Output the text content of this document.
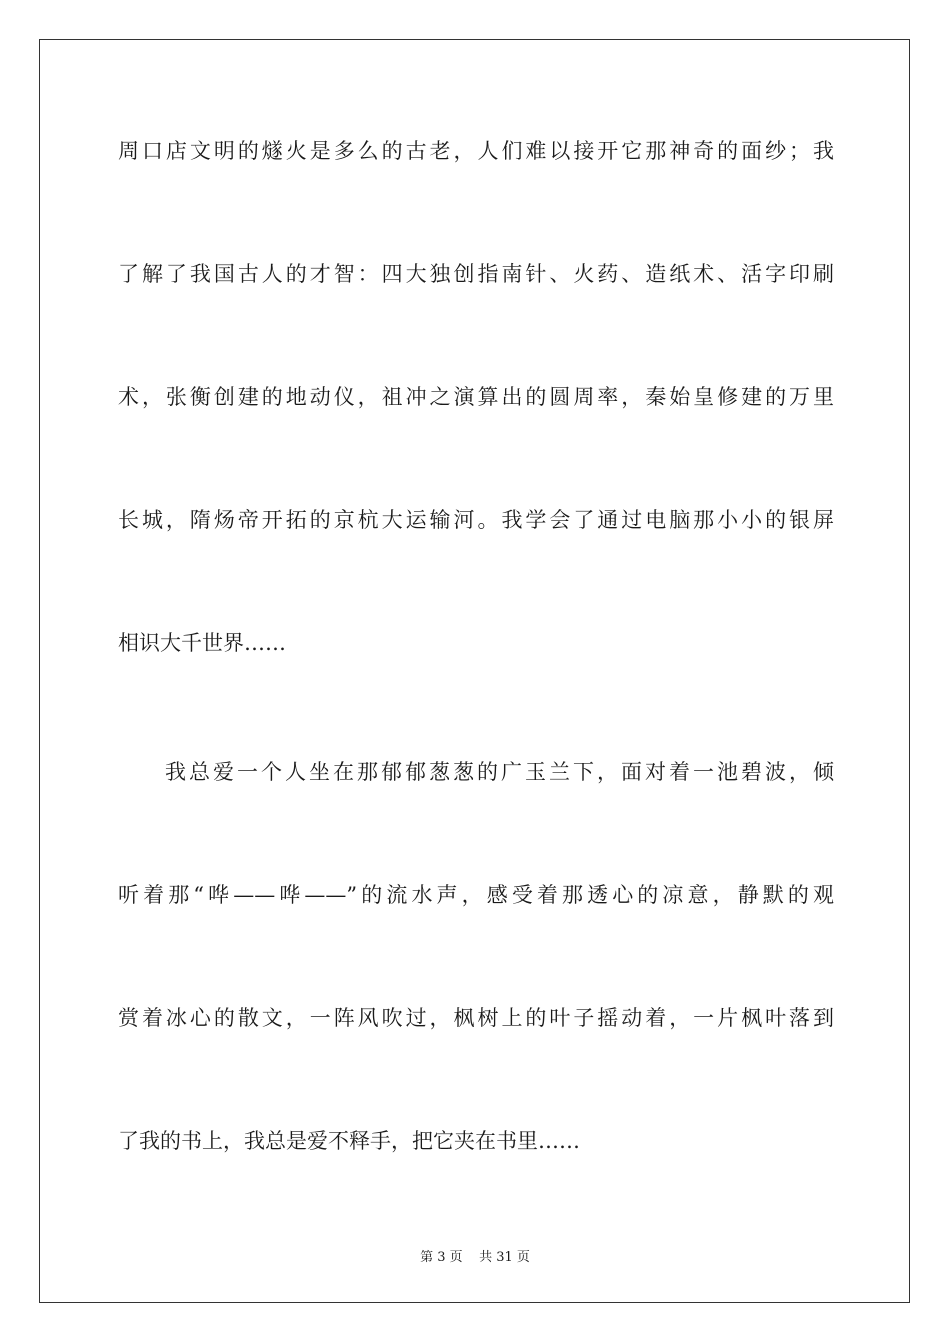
周口店文明的燧火是多么的古老，人们难以接开它那神奇的面纱；我
了解了我国古人的才智：四大独创指南针、火药、造纸术、活字印刷
术，张衡创建的地动仪，祖冲之演算出的圆周率，秦始皇修建的万里
长城，隋炀帝开拓的京杭大运输河。我学会了通过电脑那小小的银屏
相识大千世界……
我总爱一个人坐在那郁郁葱葱的广玉兰下，面对着一池碧波，倾
听着那“哗——哗——”的流水声，感受着那透心的凉意，静默的观
赏着冰心的散文，一阵风吹过，枫树上的叶子摇动着，一片枫叶落到
了我的书上，我总是爱不释手，把它夹在书里……
第 3 页    共 31 页
